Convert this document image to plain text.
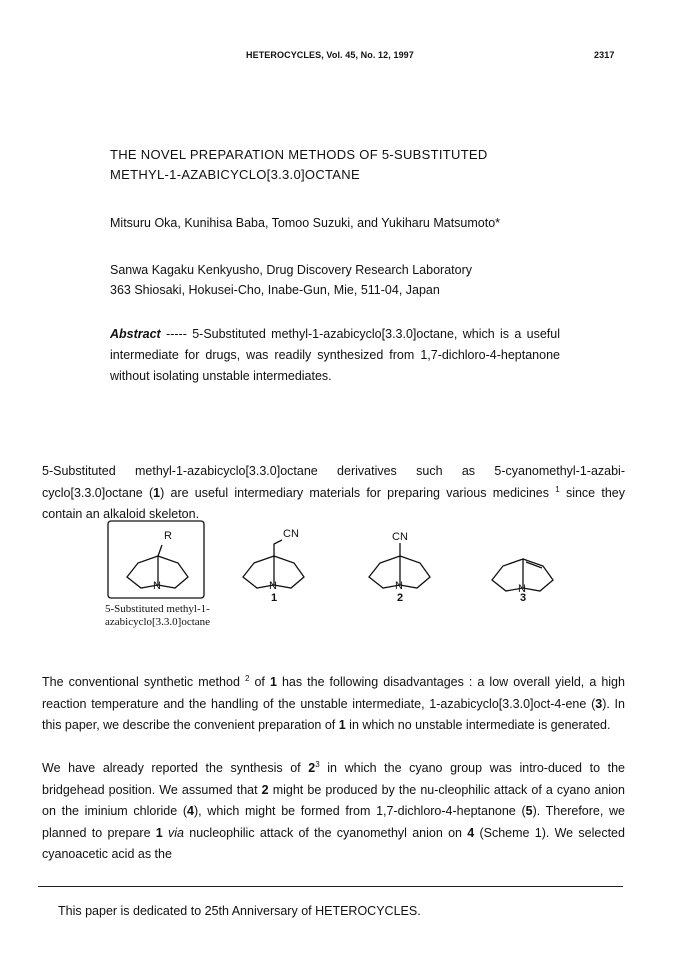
HETEROCYCLES, Vol. 45, No. 12, 1997	2317
THE NOVEL PREPARATION METHODS OF 5-SUBSTITUTED
METHYL-1-AZABICYCLO[3.3.0]OCTANE
Mitsuru Oka, Kunihisa Baba, Tomoo Suzuki, and Yukiharu Matsumoto*
Sanwa Kagaku Kenkyusho, Drug Discovery Research Laboratory
363 Shiosaki, Hokusei-Cho, Inabe-Gun, Mie, 511-04, Japan
Abstract ----- 5-Substituted methyl-1-azabicyclo[3.3.0]octane, which is a useful intermediate for drugs, was readily synthesized from 1,7-dichloro-4-heptanone without isolating unstable intermediates.
5-Substituted methyl-1-azabicyclo[3.3.0]octane derivatives such as 5-cyanomethyl-1-azabi-cyclo[3.3.0]octane (1) are useful intermediary materials for preparing various medicines $^1$ since they contain an alkaloid skeleton.
R	CN	CN
N	N	N	N
5-Substituted methyl-1-
azabicyclo[3.3.0]octane
1	2	3
The conventional synthetic method $^2$ of 1 has the following disadvantages : a low overall yield, a high reaction temperature and the handling of the unstable intermediate, 1-azabicyclo[3.3.0]oct-4-ene (3). In this paper, we describe the convenient preparation of 1 in which no unstable intermediate is generated.
We have already reported the synthesis of $2^3$ in which the cyano group was intro-duced to the bridgehead position. We assumed that 2 might be produced by the nu-cleophilic attack of a cyano anion on the iminium chloride (4), which might be formed from 1,7-dichloro-4-heptanone (5). Therefore, we planned to prepare 1 via nucleophilic attack of the cyanomethyl anion on 4 (Scheme 1). We selected cyanoacetic acid as the
This paper is dedicated to 25th Anniversary of HETEROCYCLES.
